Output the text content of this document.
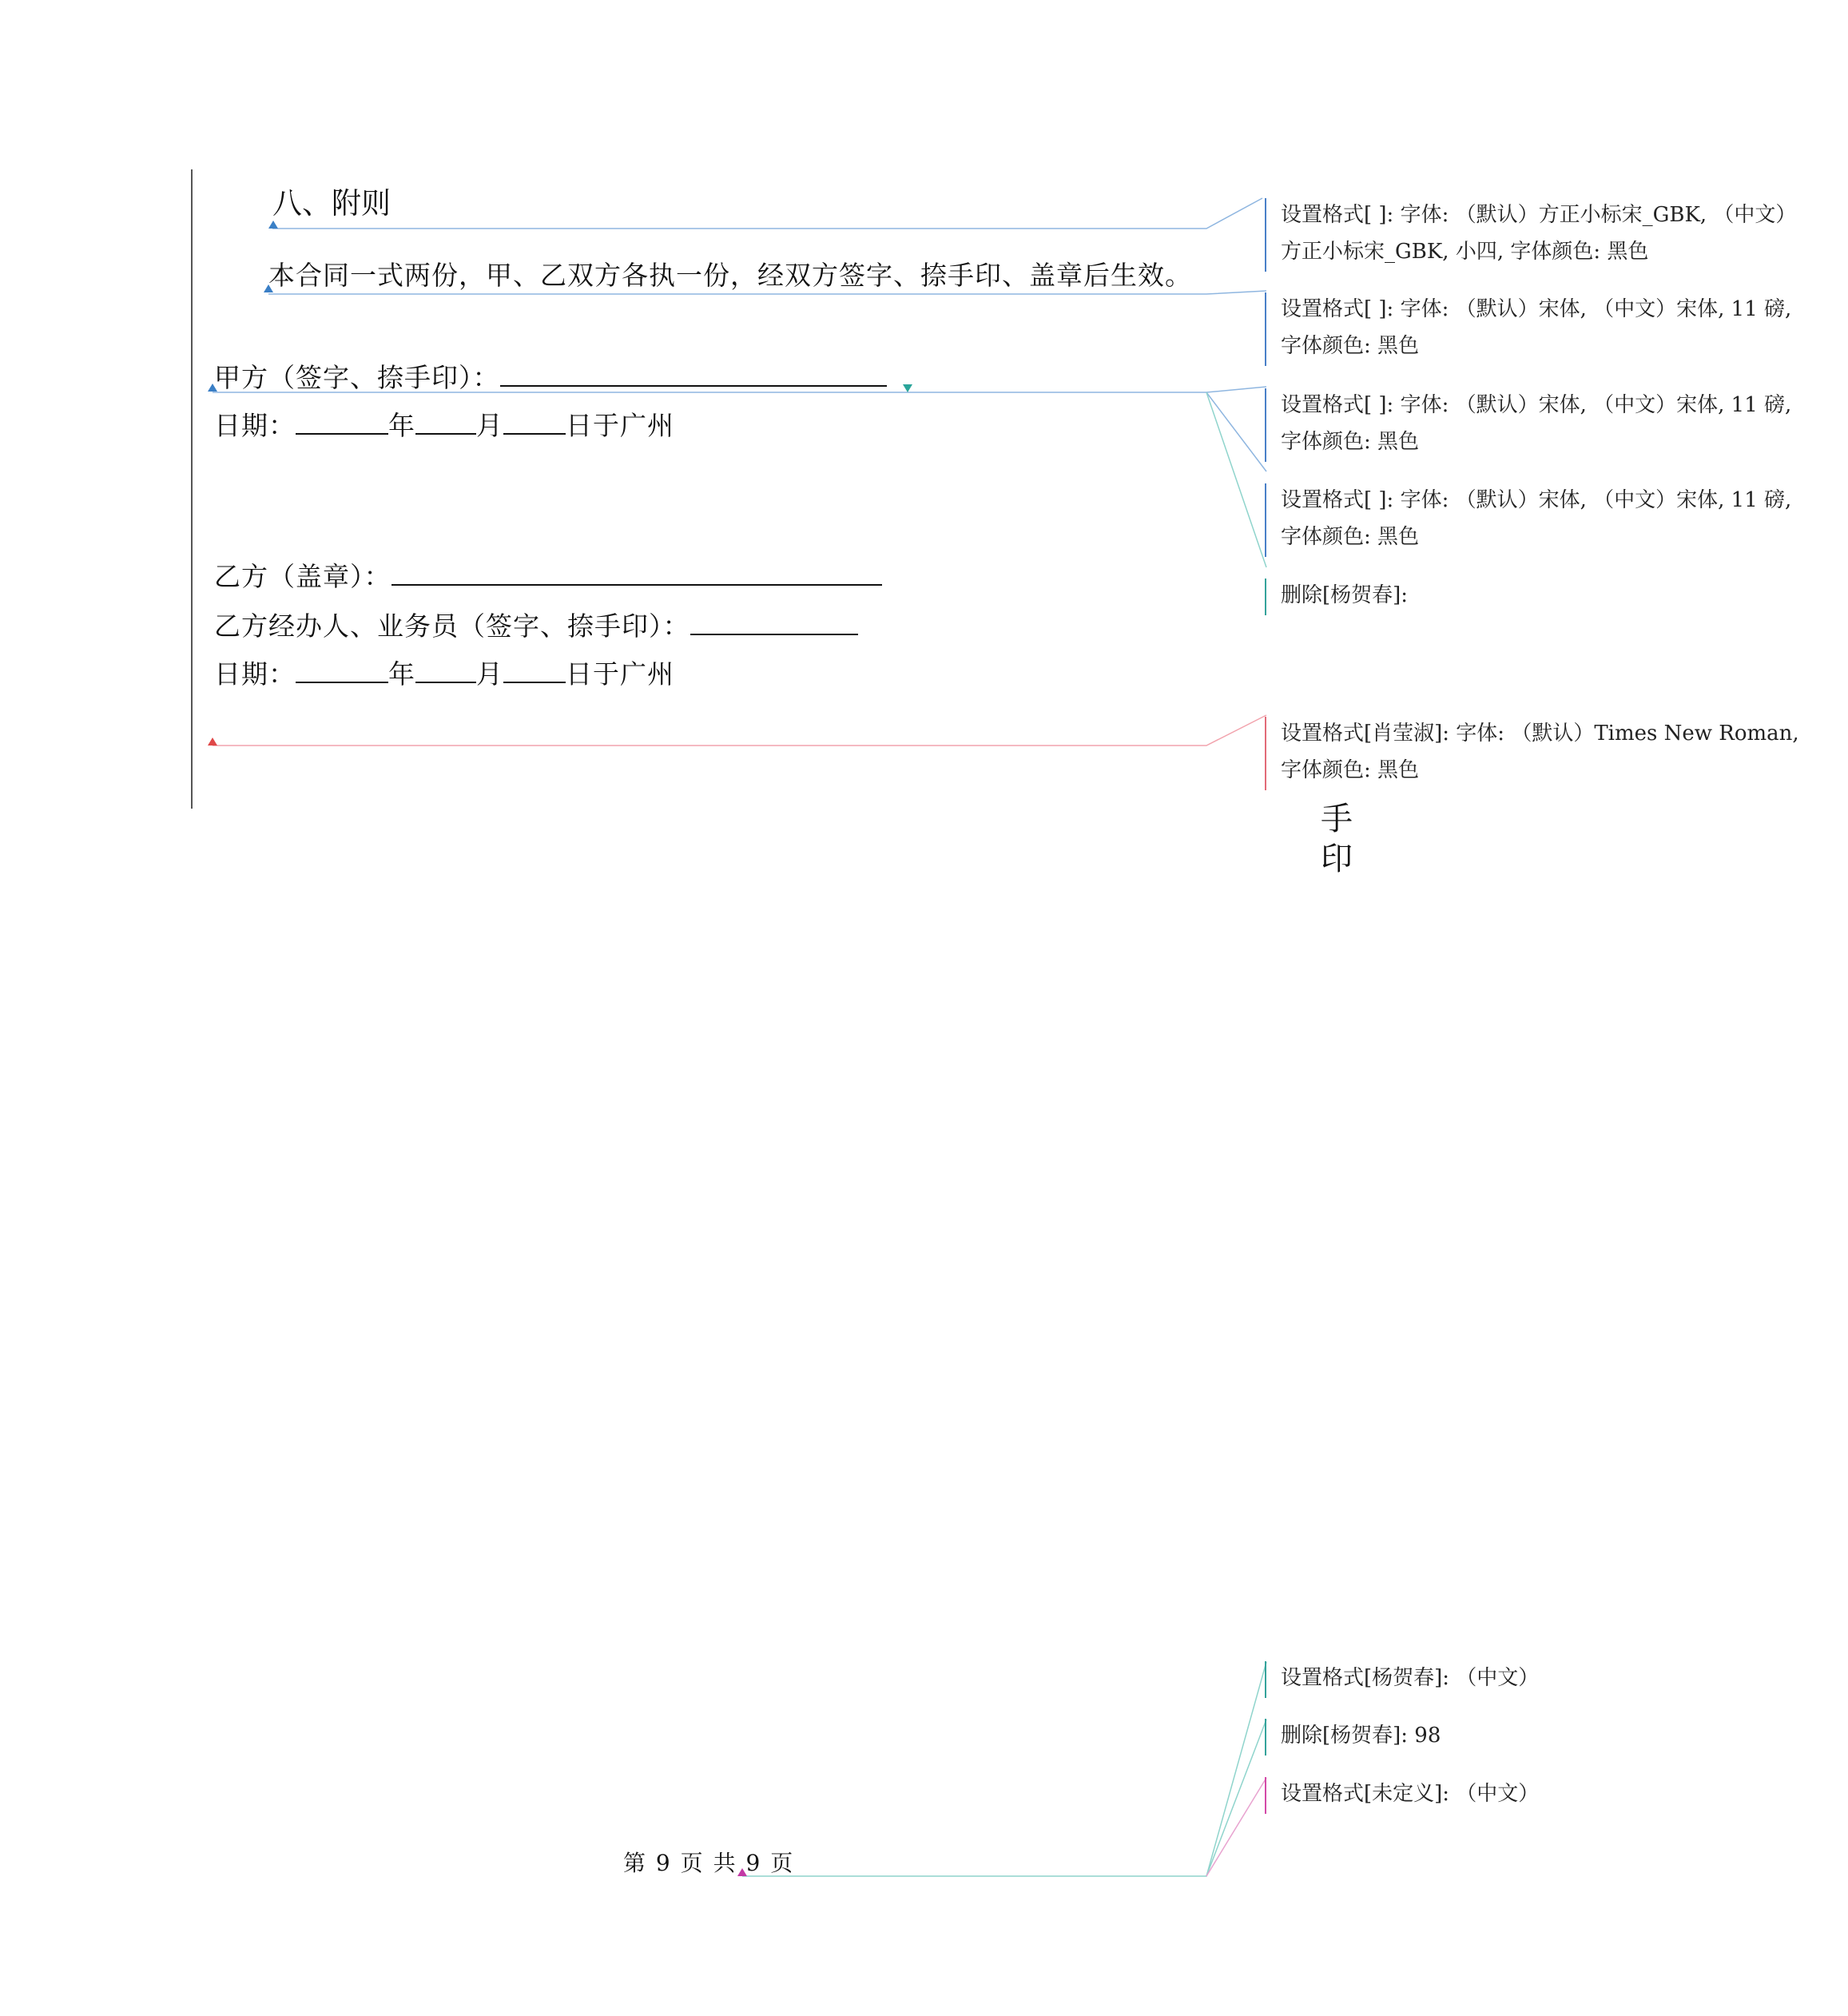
八、附则
本合同一式两份，甲、乙双方各执一份，经双方签字、捺手印、盖章后生效。
甲方（签字、捺手印）：
日期：	年 月 日于广州
乙方（盖章）：
乙方经办人、业务员（签字、捺手印）：
日期：	年 月 日于广州
设置格式[ ]: 字体: （默认）方正小标宋_GBK, （中文）方正小标宋_GBK, 小四, 字体颜色: 黑色
设置格式[ ]: 字体: （默认）宋体, （中文）宋体, 11 磅, 字体颜色: 黑色
设置格式[ ]: 字体: （默认）宋体, （中文）宋体, 11 磅, 字体颜色: 黑色
设置格式[ ]: 字体: （默认）宋体, （中文）宋体, 11 磅, 字体颜色: 黑色
删除[杨贺春]:
设置格式[肖莹淑]: 字体: （默认）Times New Roman, 字体颜色: 黑色
手
印
设置格式[杨贺春]: （中文）
删除[杨贺春]: 98
设置格式[未定义]: （中文）
第 9 页 共 9 页
